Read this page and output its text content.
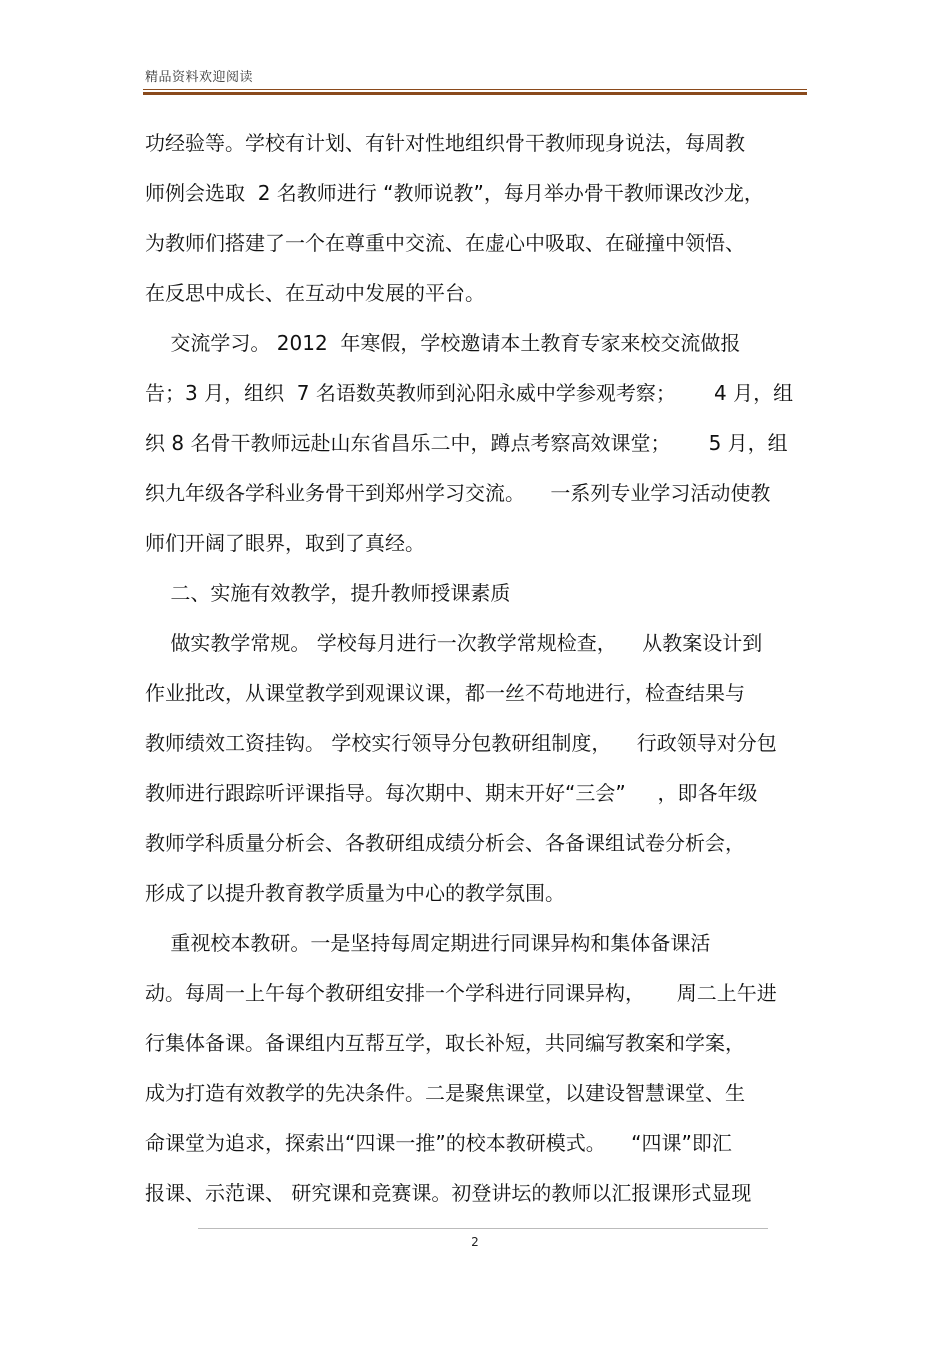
精品资料欢迎阅读
功经验等。学校有计划、有针对性地组织骨干教师现身说法，每周教
师例会选取  2 名教师进行 “教师说教”，每月举办骨干教师课改沙龙，
为教师们搭建了一个在尊重中交流、在虚心中吸取、在碰撞中领悟、
在反思中成长、在互动中发展的平台。
交流学习。 2012  年寒假，学校邀请本土教育专家来校交流做报
告；3 月，组织  7 名语数英教师到沁阳永威中学参观考察；      4 月，组
织 8 名骨干教师远赴山东省昌乐二中，蹲点考察高效课堂；      5 月，组
织九年级各学科业务骨干到郑州学习交流。    一系列专业学习活动使教
师们开阔了眼界，取到了真经。
二、实施有效教学，提升教师授课素质
做实教学常规。 学校每月进行一次教学常规检查，    从教案设计到
作业批改，从课堂教学到观课议课，都一丝不苟地进行，检查结果与
教师绩效工资挂钩。 学校实行领导分包教研组制度，    行政领导对分包
教师进行跟踪听评课指导。每次期中、期末开好“三会”     ，即各年级
教师学科质量分析会、各教研组成绩分析会、各备课组试卷分析会，
形成了以提升教育教学质量为中心的教学氛围。
重视校本教研。一是坚持每周定期进行同课异构和集体备课活
动。每周一上午每个教研组安排一个学科进行同课异构，     周二上午进
行集体备课。备课组内互帮互学，取长补短，共同编写教案和学案，
成为打造有效教学的先决条件。二是聚焦课堂，以建设智慧课堂、生
命课堂为追求，探索出“四课一推”的校本教研模式。    “四课”即汇
报课、示范课、 研究课和竞赛课。初登讲坛的教师以汇报课形式显现
2
